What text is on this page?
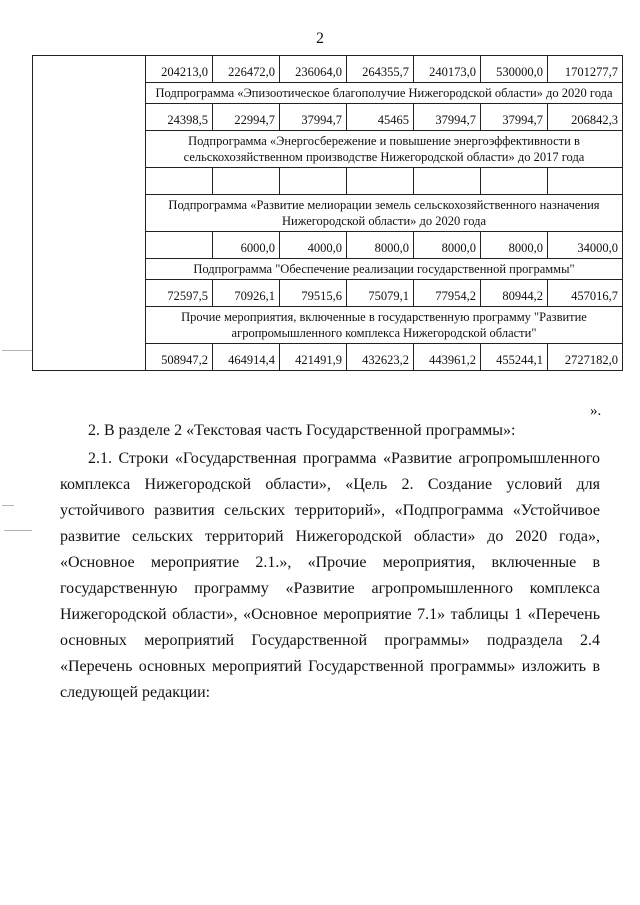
2
	204213,0	226472,0	236064,0	264355,7	240173,0	530000,0	1701277,7
	Подпрограмма «Эпизоотическое благополучие Нижегородской области» до 2020 года						
	24398,5	22994,7	37994,7	45465	37994,7	37994,7	206842,3
	Подпрограмма «Энергосбережение и повышение энергоэффективности в сельскохозяйственном производстве Нижегородской области» до 2017 года						

	Подпрограмма «Развитие мелиорации земель сельскохозяйственного назначения Нижегородской области» до 2020 года						
		6000,0	4000,0	8000,0	8000,0	8000,0	34000,0
	Подпрограмма "Обеспечение реализации государственной программы"						
	72597,5	70926,1	79515,6	75079,1	77954,2	80944,2	457016,7
	Прочие мероприятия, включенные в государственную программу "Развитие агропромышленного комплекса Нижегородской области"						
	508947,2	464914,4	421491,9	432623,2	443961,2	455244,1	2727182,0
».

2. В разделе 2 «Текстовая часть Государственной программы»:

2.1. Строки «Государственная программа «Развитие агропромышленного комплекса Нижегородской области», «Цель 2. Создание условий для устойчивого развития сельских территорий», «Подпрограмма «Устойчивое развитие сельских территорий Нижегородской области» до 2020 года», «Основное мероприятие 2.1.», «Прочие мероприятия, включенные в государственную программу «Развитие агропромышленного комплекса Нижегородской области», «Основное мероприятие 7.1» таблицы 1 «Перечень основных мероприятий Государственной программы» подраздела 2.4 «Перечень основных мероприятий Государственной программы» изложить в следующей редакции:
